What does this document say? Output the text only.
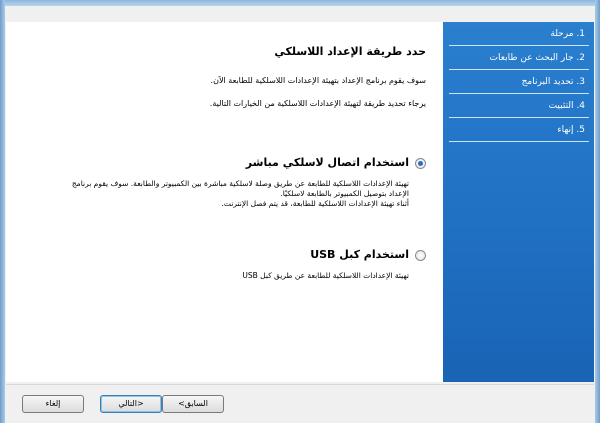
حدد طريقة الإعداد اللاسلكي
سوف يقوم برنامج الإعداد بتهيئة الإعدادات اللاسلكية للطابعة الآن.
يرجاء تحديد طريقة لتهيئة الإعدادات اللاسلكية من الخيارات التالية.
استخدام اتصال لاسلكي مباشر
تهيئة الإعدادات اللاسلكية للطابعة عن طريق وصلة لاسلكية مباشرة بين الكمبيوتر والطابعة. سوف يقوم برنامج
الإعداد بتوصيل الكمبيوتر بالطابعة لاسلكيًا.
أثناء تهيئة الإعدادات اللاسلكية للطابعة، قد يتم فصل الإنترنت.
استخدام كبل USB
تهيئة الإعدادات اللاسلكية للطابعة عن طريق كبل USB
1. مرحلة
2. جار البحث عن طابعات
3. تحديد البرنامج
4. التثبيت
5. إنهاء
إلغاء	التالي>	<السابق
